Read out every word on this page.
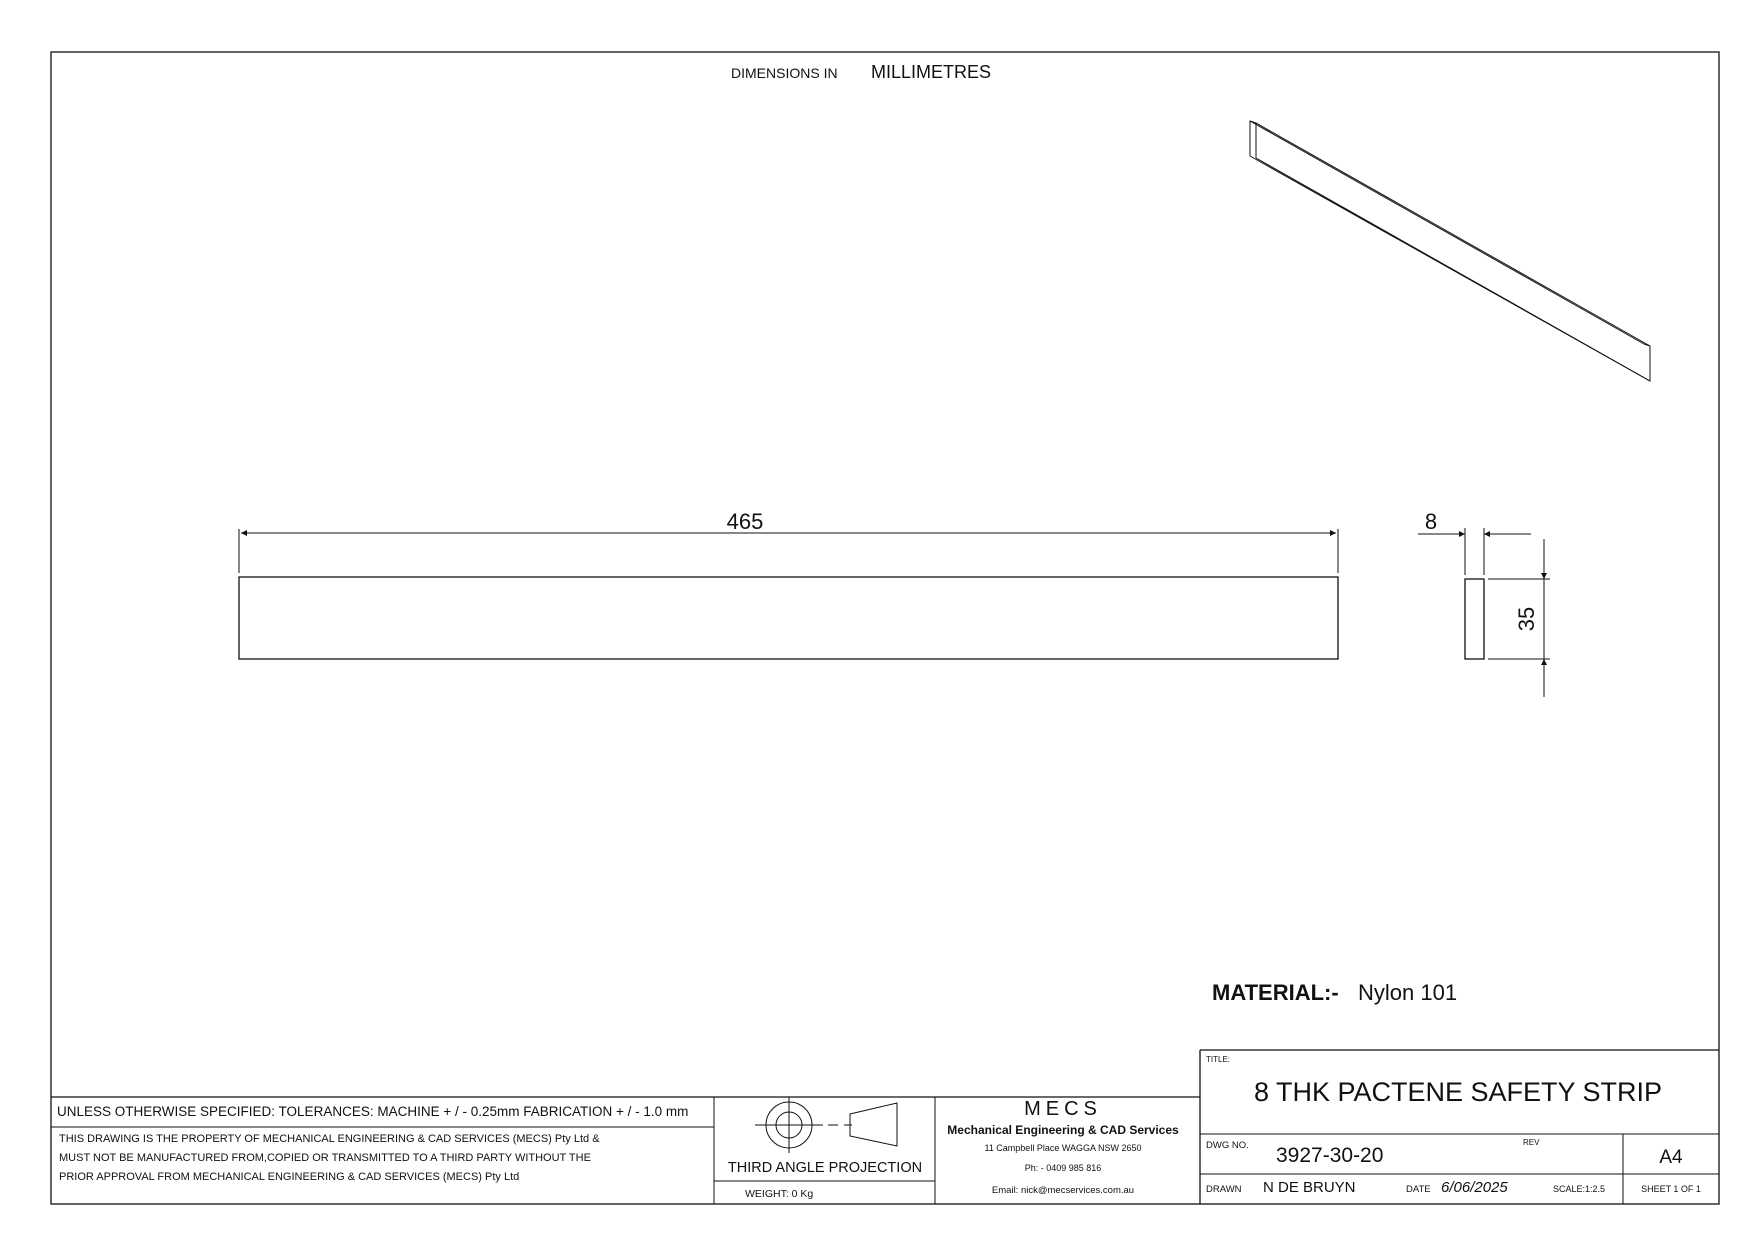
DIMENSIONS IN MILLIMETRES
465	8
35
MATERIAL:- Nylon 101
UNLESS OTHERWISE SPECIFIED: TOLERANCES: MACHINE + / - 0.25mm FABRICATION + / - 1.0 mm
THIS DRAWING IS THE PROPERTY OF MECHANICAL ENGINEERING & CAD SERVICES (MECS) Pty Ltd &
MUST NOT BE MANUFACTURED FROM,COPIED OR TRANSMITTED TO A THIRD PARTY WITHOUT THE
PRIOR APPROVAL FROM MECHANICAL ENGINEERING & CAD SERVICES (MECS) Pty Ltd
THIRD ANGLE PROJECTION
WEIGHT: 0 Kg
MECS
Mechanical Engineering & CAD Services
11 Campbell Place WAGGA NSW 2650
Ph: - 0409 985 816
Email: nick@mecservices.com.au
TITLE:
8 THK PACTENE SAFETY STRIP
DWG NO. 3927-30-20
REV
A4
DRAWN N DE BRUYN	DATE 6/06/2025	SCALE:1:2.5	SHEET 1 OF 1
